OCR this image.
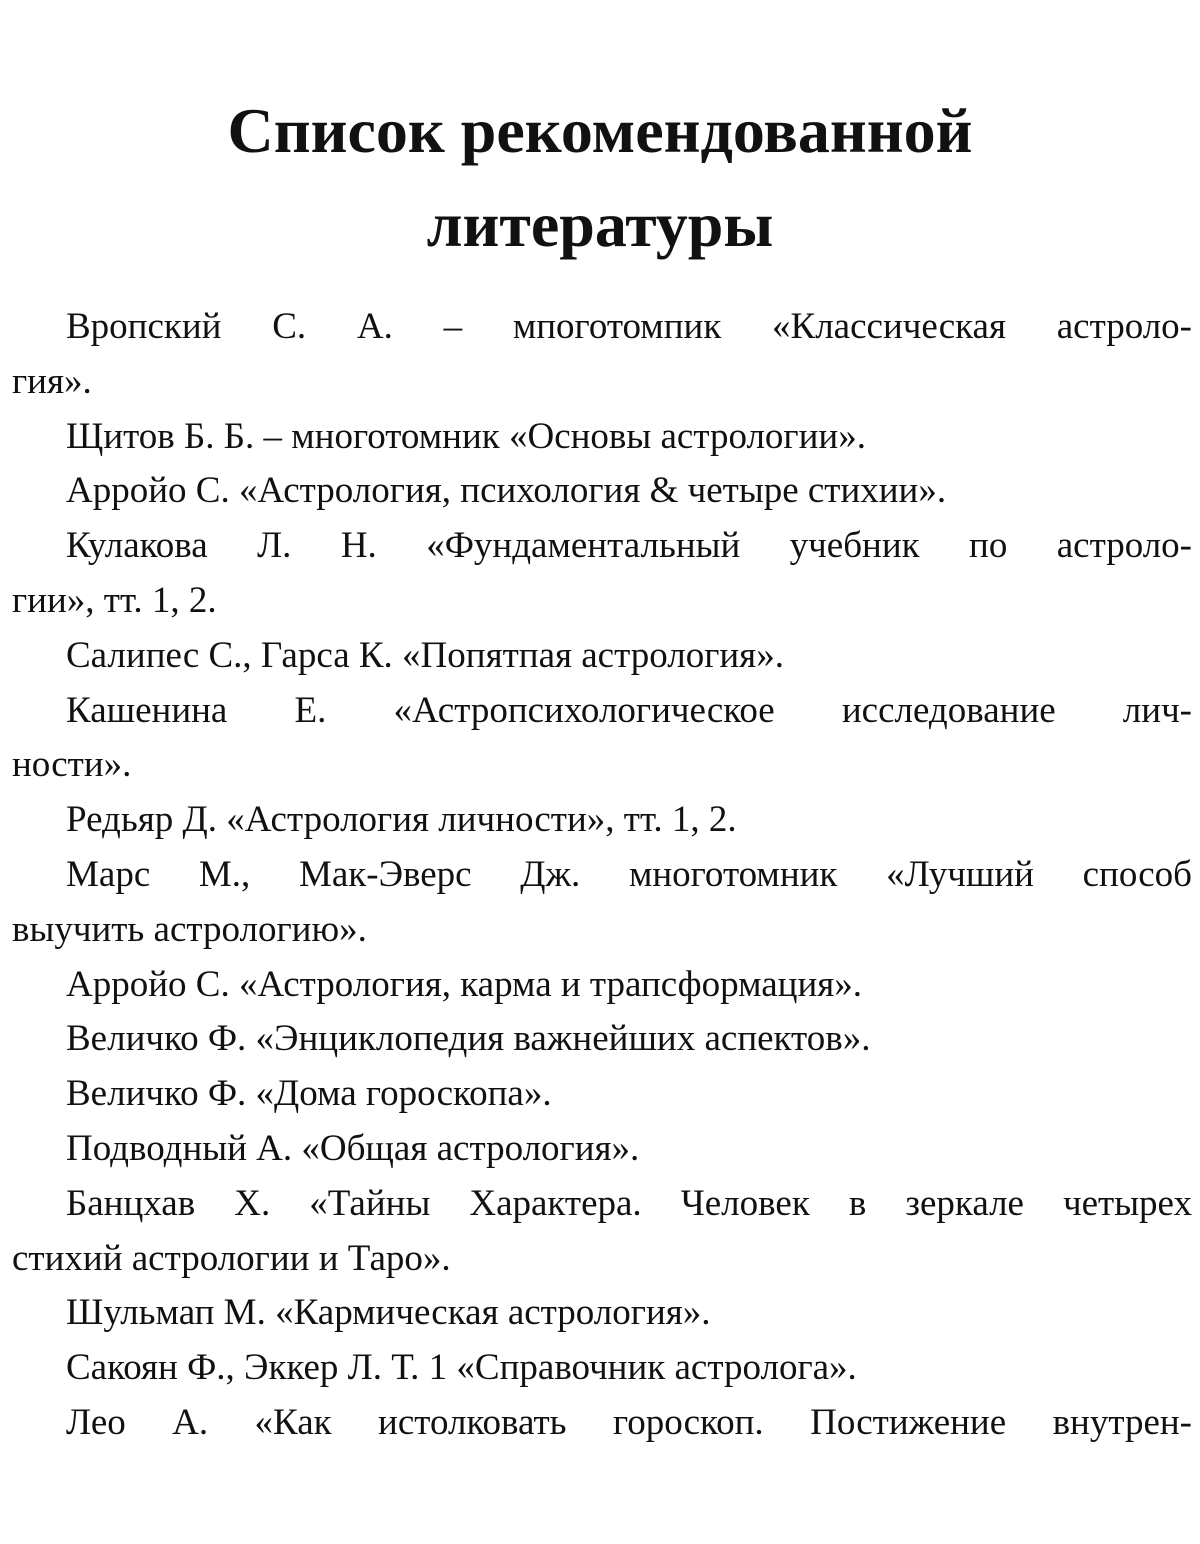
Список рекомендованной
литературы
Вропский С. А. – мпоготомпик «Классическая астроло-
гия».
Щитов Б. Б. – многотомник «Основы астрологии».
Арройо С. «Астрология, психология & четыре стихии».
Кулакова Л. Н. «Фундаментальный учебник по астроло-
гии», тт. 1, 2.
Салипес С., Гарса К. «Попятпая астрология».
Кашенина Е. «Астропсихологическое исследование лич-
ности».
Редьяр Д. «Астрология личности», тт. 1, 2.
Марс М., Мак-Эверс Дж. многотомник «Лучший способ
выучить астрологию».
Арройо С. «Астрология, карма и трапсформация».
Величко Ф. «Энциклопедия важнейших аспектов».
Величко Ф. «Дома гороскопа».
Подводный А. «Общая астрология».
Банцхав Х. «Тайны Характера. Человек в зеркале четырех
стихий астрологии и Таро».
Шульмап М. «Кармическая астрология».
Сакоян Ф., Эккер Л. Т. 1 «Справочник астролога».
Лео А. «Как истолковать гороскоп. Постижение внутрен-
